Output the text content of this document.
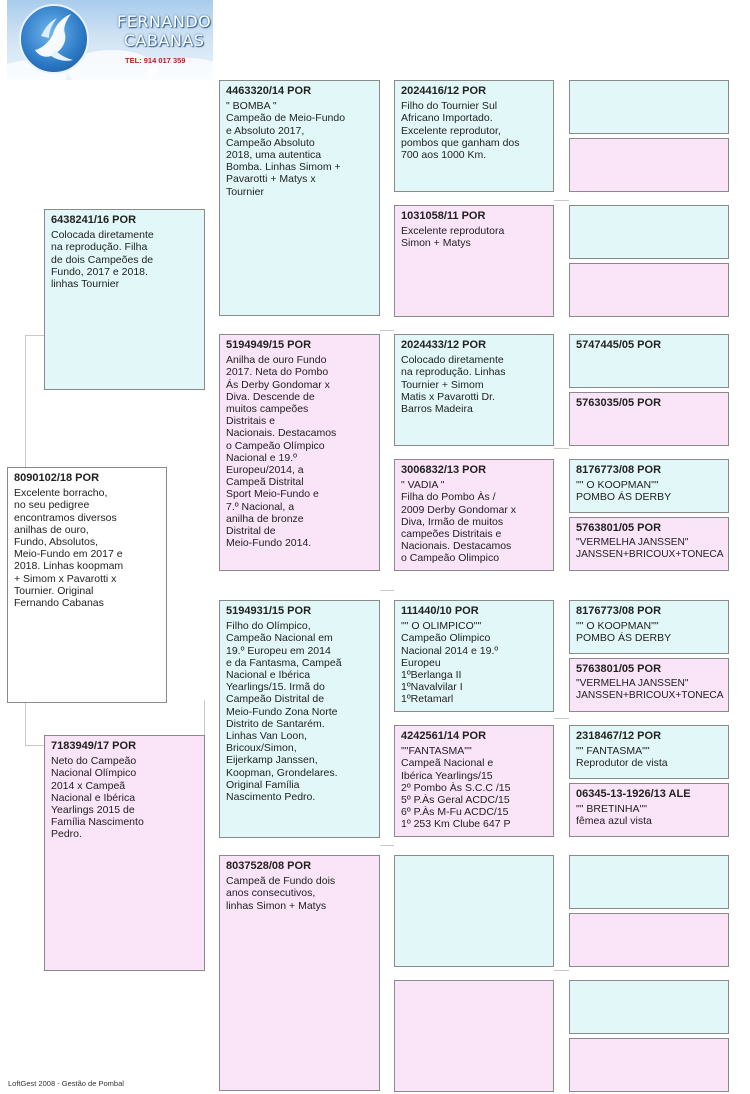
FERNANDO
CABANAS
TEL: 914 017 359
8090102/18 POR
Excelente borracho,
no seu pedigree
encontramos diversos
anilhas de ouro,
Fundo, Absolutos,
Meio-Fundo em 2017 e
2018. Linhas koopmam
+ Simom x Pavarotti x
Tournier. Original
Fernando Cabanas
6438241/16 POR
Colocada diretamente
na reprodução. Filha
de dois Campeões de
Fundo, 2017 e 2018.
linhas Tournier
7183949/17 POR
Neto do Campeão
Nacional Olímpico
2014 x Campeã
Nacional e Ibérica
Yearlings 2015 de
Família Nascimento
Pedro.
4463320/14 POR
" BOMBA "
Campeão de Meio-Fundo
e Absoluto 2017,
Campeão Absoluto
2018, uma autentica
Bomba. Linhas Simom +
Pavarotti + Matys x
Tournier
5194949/15 POR
Anilha de ouro Fundo
2017. Neta do Pombo
Ás Derby Gondomar x
Diva. Descende de
muitos campeões
Distritais e
Nacionais. Destacamos
o Campeão Olímpico
Nacional e 19.º
Europeu/2014, a
Campeã Distrital
Sport Meio-Fundo e
7.º Nacional, a
anilha de bronze
Distrital de
Meio-Fundo 2014.
5194931/15 POR
Filho do Olímpico,
Campeão Nacional em
19.º Europeu em 2014
e da Fantasma, Campeã
Nacional e Ibérica
Yearlings/15. Irmã do
Campeão Distrital de
Meio-Fundo Zona Norte
Distrito de Santarém.
Linhas Van Loon,
Bricoux/Simon,
Eijerkamp Janssen,
Koopman, Grondelares.
Original Família
Nascimento Pedro.
8037528/08 POR
Campeã de Fundo dois
anos consecutivos,
linhas Simon + Matys
2024416/12 POR
Filho do Tournier Sul
Africano Importado.
Excelente reprodutor,
pombos que ganham dos
700 aos 1000 Km.
1031058/11 POR
Excelente reprodutora
Simon + Matys
2024433/12 POR
Colocado diretamente
na reprodução. Linhas
Tournier + Simom
Matis x Pavarotti Dr.
Barros Madeira
3006832/13 POR
" VADIA "
Filha do Pombo Às /
2009 Derby Gondomar x
Diva, Irmão de muitos
campeões Distritais e
Nacionais. Destacamos
o Campeão Olimpico
111440/10 POR
"" O OLIMPICO""
Campeão Olimpico
Nacional 2014 e 19.º
Europeu
1ºBerlanga II
1ºNavalvilar I
1ºRetamarl
4242561/14 POR
""FANTASMA""
Campeã Nacional e
Ibérica Yearlings/15
2º Pombo Às S.C.C /15
5º P.Às Geral ACDC/15
6º P.Às M-Fu ACDC/15
1º 253 Km Clube 647 P
5747445/05 POR
5763035/05 POR
8176773/08 POR
"" O KOOPMAN""
POMBO ÁS DERBY
5763801/05 POR
"VERMELHA JANSSEN"
JANSSEN+BRICOUX+TONECA
8176773/08 POR
"" O KOOPMAN""
POMBO ÁS DERBY
5763801/05 POR
"VERMELHA JANSSEN"
JANSSEN+BRICOUX+TONECA
2318467/12 POR
"" FANTASMA""
Reprodutor de vista
06345-13-1926/13 ALE
"" BRETINHA""
fêmea azul vista
LoftGest 2008 - Gestão de Pombal
